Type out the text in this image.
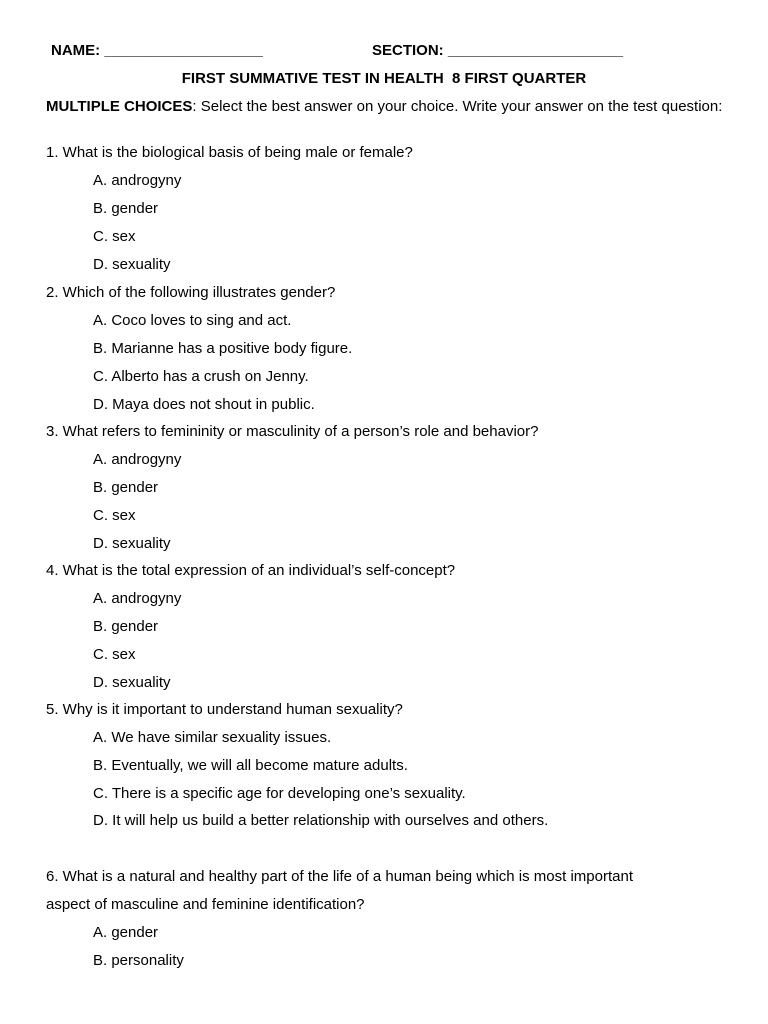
NAME: ___________________	SECTION: _____________________
FIRST SUMMATIVE TEST IN HEALTH  8 FIRST QUARTER
MULTIPLE CHOICES: Select the best answer on your choice. Write your answer on the test question:
1. What is the biological basis of being male or female?
A. androgyny
B. gender
C. sex
D. sexuality
2. Which of the following illustrates gender?
A. Coco loves to sing and act.
B. Marianne has a positive body figure.
C. Alberto has a crush on Jenny.
D. Maya does not shout in public.
3. What refers to femininity or masculinity of a person’s role and behavior?
A. androgyny
B. gender
C. sex
D. sexuality
4. What is the total expression of an individual’s self-concept?
A. androgyny
B. gender
C. sex
D. sexuality
5. Why is it important to understand human sexuality?
A. We have similar sexuality issues.
B. Eventually, we will all become mature adults.
C. There is a specific age for developing one’s sexuality.
D. It will help us build a better relationship with ourselves and others.
6. What is a natural and healthy part of the life of a human being which is most important
aspect of masculine and feminine identification?
A. gender
B. personality
